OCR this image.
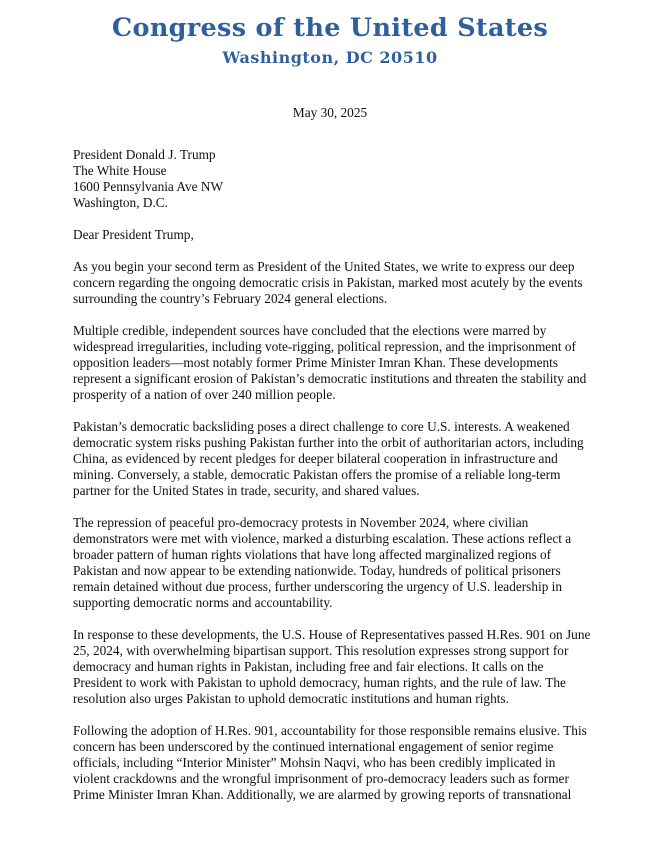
Congress of the United States
Washington, DC 20510
May 30, 2025
President Donald J. Trump
The White House
1600 Pennsylvania Ave NW
Washington, D.C.
Dear President Trump,
As you begin your second term as President of the United States, we write to express our deep
concern regarding the ongoing democratic crisis in Pakistan, marked most acutely by the events
surrounding the country’s February 2024 general elections.
Multiple credible, independent sources have concluded that the elections were marred by
widespread irregularities, including vote-rigging, political repression, and the imprisonment of
opposition leaders—most notably former Prime Minister Imran Khan. These developments
represent a significant erosion of Pakistan’s democratic institutions and threaten the stability and
prosperity of a nation of over 240 million people.
Pakistan’s democratic backsliding poses a direct challenge to core U.S. interests. A weakened
democratic system risks pushing Pakistan further into the orbit of authoritarian actors, including
China, as evidenced by recent pledges for deeper bilateral cooperation in infrastructure and
mining. Conversely, a stable, democratic Pakistan offers the promise of a reliable long-term
partner for the United States in trade, security, and shared values.
The repression of peaceful pro-democracy protests in November 2024, where civilian
demonstrators were met with violence, marked a disturbing escalation. These actions reflect a
broader pattern of human rights violations that have long affected marginalized regions of
Pakistan and now appear to be extending nationwide. Today, hundreds of political prisoners
remain detained without due process, further underscoring the urgency of U.S. leadership in
supporting democratic norms and accountability.
In response to these developments, the U.S. House of Representatives passed H.Res. 901 on June
25, 2024, with overwhelming bipartisan support. This resolution expresses strong support for
democracy and human rights in Pakistan, including free and fair elections. It calls on the
President to work with Pakistan to uphold democracy, human rights, and the rule of law. The
resolution also urges Pakistan to uphold democratic institutions and human rights.
Following the adoption of H.Res. 901, accountability for those responsible remains elusive. This
concern has been underscored by the continued international engagement of senior regime
officials, including “Interior Minister” Mohsin Naqvi, who has been credibly implicated in
violent crackdowns and the wrongful imprisonment of pro-democracy leaders such as former
Prime Minister Imran Khan. Additionally, we are alarmed by growing reports of transnational
